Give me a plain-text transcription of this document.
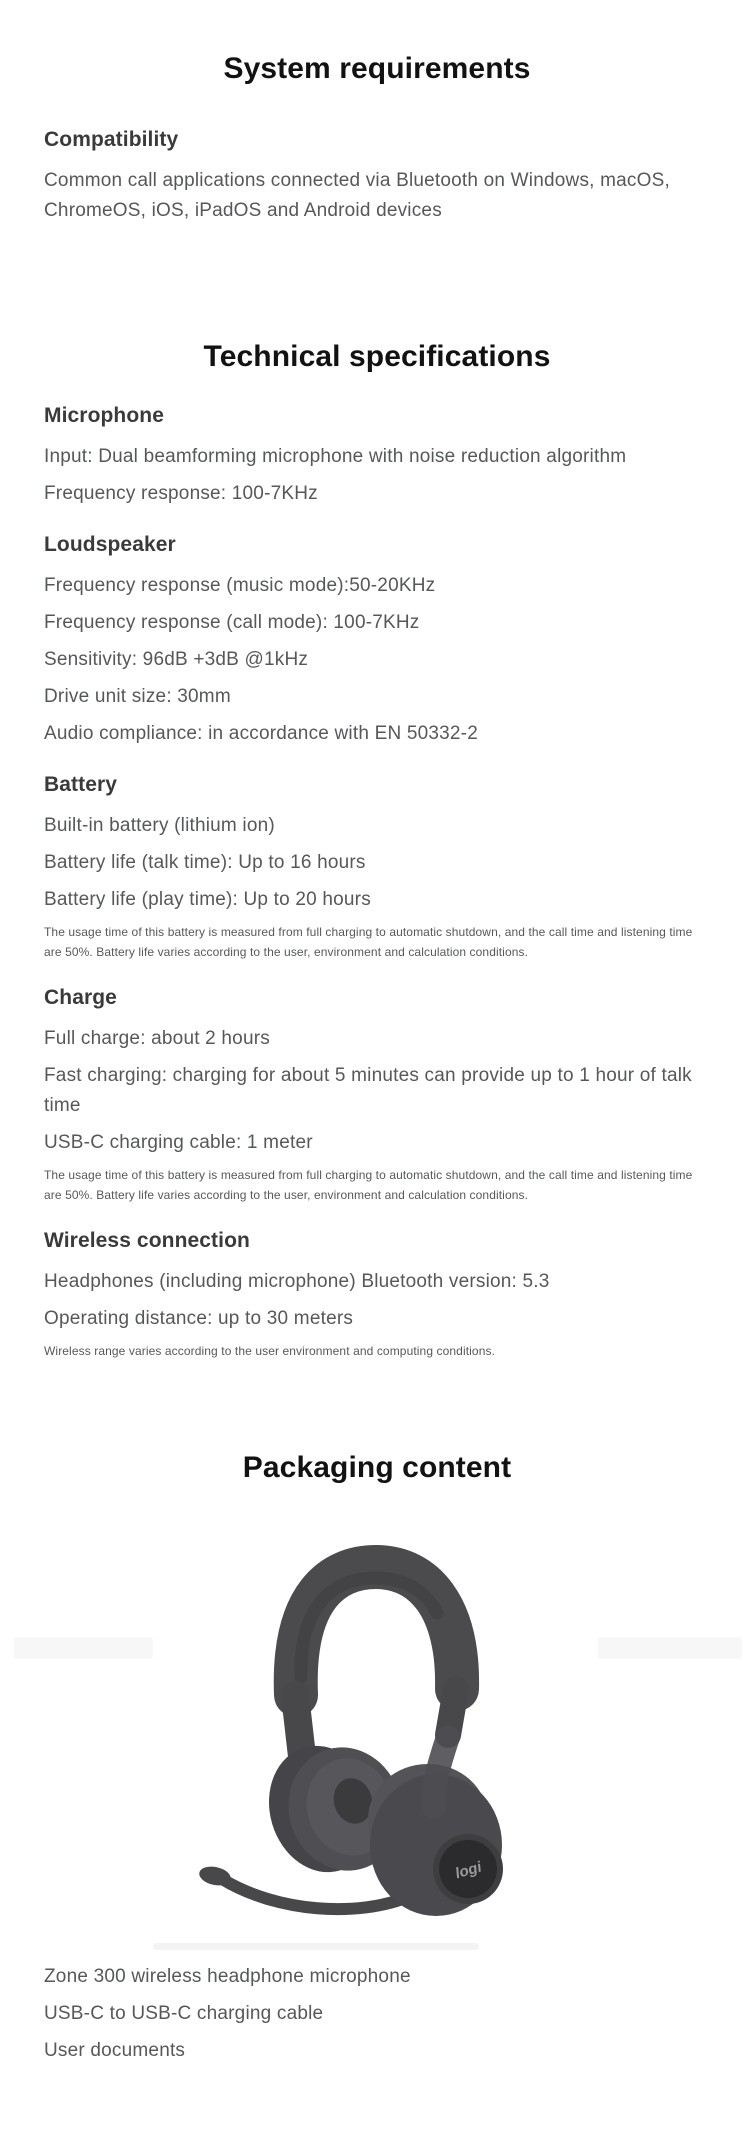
System requirements
Compatibility

Common call applications connected via Bluetooth on Windows, macOS, ChromeOS, iOS, iPadOS and Android devices

Technical specifications
Microphone

Input: Dual beamforming microphone with noise reduction algorithm

Frequency response: 100-7KHz

Loudspeaker

Frequency response (music mode):50-20KHz

Frequency response (call mode): 100-7KHz

Sensitivity: 96dB +3dB @1kHz

Drive unit size: 30mm

Audio compliance: in accordance with EN 50332-2

Battery

Built-in battery (lithium ion)

Battery life (talk time): Up to 16 hours

Battery life (play time): Up to 20 hours

The usage time of this battery is measured from full charging to automatic shutdown, and the call time and listening time are 50%. Battery life varies according to the user, environment and calculation conditions.

Charge

Full charge: about 2 hours

Fast charging: charging for about 5 minutes can provide up to 1 hour of talk time

USB-C charging cable: 1 meter

The usage time of this battery is measured from full charging to automatic shutdown, and the call time and listening time are 50%. Battery life varies according to the user, environment and calculation conditions.

Wireless connection

Headphones (including microphone) Bluetooth version: 5.3

Operating distance: up to 30 meters

Wireless range varies according to the user environment and computing conditions.

Packaging content
logi

Zone 300 wireless headphone microphone

USB-C to USB-C charging cable

User documents
